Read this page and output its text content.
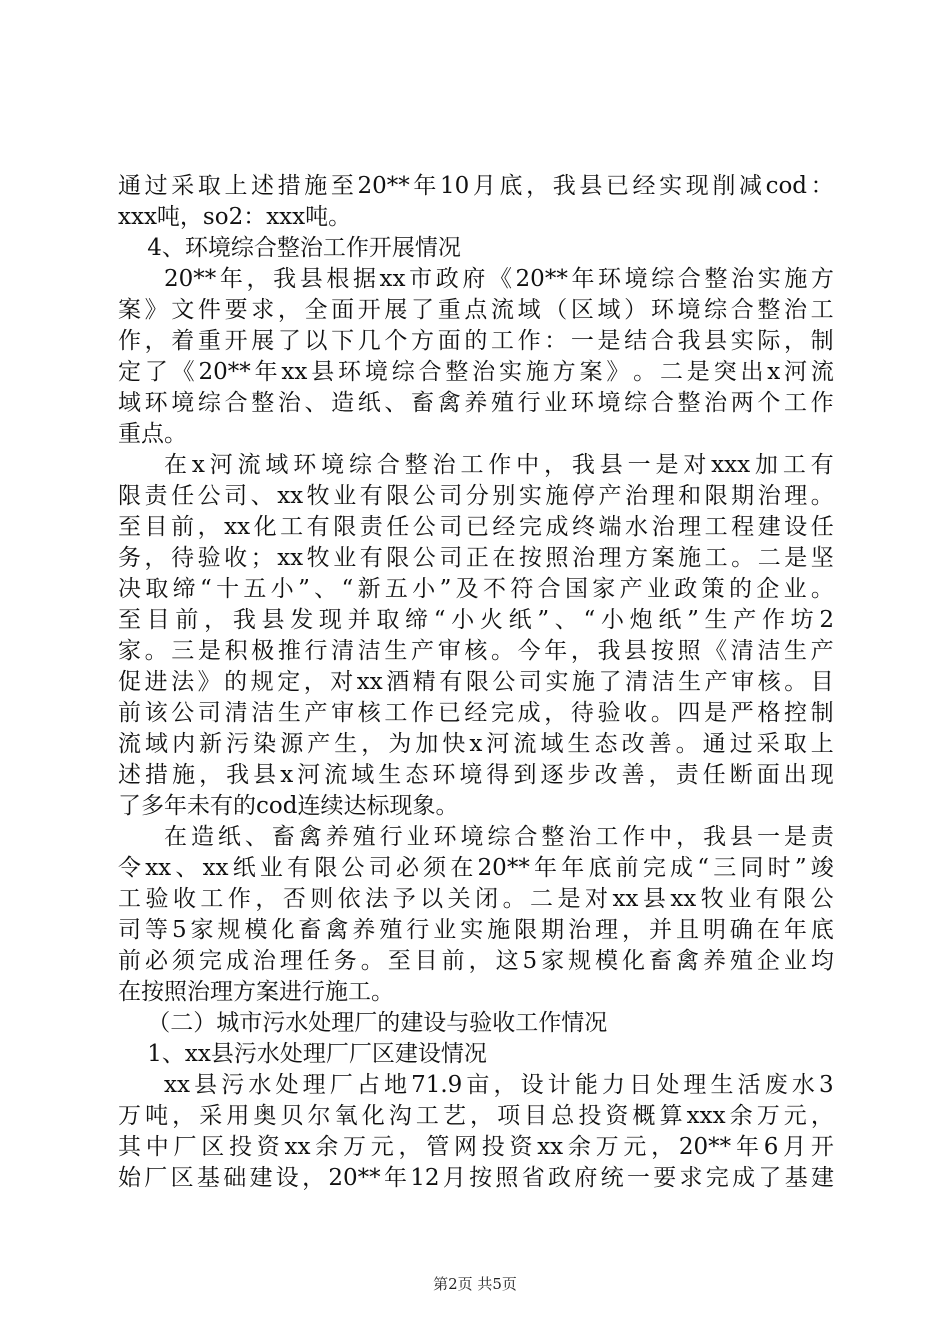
通 过 采 取 上 述 措 施 至 20** 年 10 月 底 ， 我 县 已 经 实 现 削 减 cod ：
xxx吨，so2：xxx吨。
4、环境综合整治工作开展情况
20** 年 ， 我 县 根 据 xx 市 政 府 《 20** 年 环 境 综 合 整 治 实 施 方
案 》 文 件 要 求 ， 全 面 开 展 了 重 点 流 域 （ 区 域 ） 环 境 综 合 整 治 工
作 ， 着 重 开 展 了 以 下 几 个 方 面 的 工 作 ： 一 是 结 合 我 县 实 际 ， 制
定 了 《 20** 年 xx 县 环 境 综 合 整 治 实 施 方 案 》 。 二 是 突 出 x 河 流
域 环 境 综 合 整 治 、 造 纸 、 畜 禽 养 殖 行 业 环 境 综 合 整 治 两 个 工 作
重点。
在 x 河 流 域 环 境 综 合 整 治 工 作 中 ， 我 县 一 是 对 xxx 加 工 有
限 责 任 公 司 、 xx 牧 业 有 限 公 司 分 别 实 施 停 产 治 理 和 限 期 治 理 。
至 目 前 ， xx 化 工 有 限 责 任 公 司 已 经 完 成 终 端 水 治 理 工 程 建 设 任
务 ， 待 验 收 ； xx 牧 业 有 限 公 司 正 在 按 照 治 理 方 案 施 工 。 二 是 坚
决 取 缔 “ 十 五 小 ” 、 “ 新 五 小 ” 及 不 符 合 国 家 产 业 政 策 的 企 业 。
至 目 前 ， 我 县 发 现 并 取 缔 “ 小 火 纸 ” 、 “ 小 炮 纸 ” 生 产 作 坊 2
家 。 三 是 积 极 推 行 清 洁 生 产 审 核 。 今 年 ， 我 县 按 照 《 清 洁 生 产
促 进 法 》 的 规 定 ， 对 xx 酒 精 有 限 公 司 实 施 了 清 洁 生 产 审 核 。 目
前 该 公 司 清 洁 生 产 审 核 工 作 已 经 完 成 ， 待 验 收 。 四 是 严 格 控 制
流 域 内 新 污 染 源 产 生 ， 为 加 快 x 河 流 域 生 态 改 善 。 通 过 采 取 上
述 措 施 ， 我 县 x 河 流 域 生 态 环 境 得 到 逐 步 改 善 ， 责 任 断 面 出 现
了多年未有的cod连续达标现象。
在 造 纸 、 畜 禽 养 殖 行 业 环 境 综 合 整 治 工 作 中 ， 我 县 一 是 责
令 xx 、 xx 纸 业 有 限 公 司 必 须 在 20** 年 年 底 前 完 成 “ 三 同 时 ” 竣
工 验 收 工 作 ， 否 则 依 法 予 以 关 闭 。 二 是 对 xx 县 xx 牧 业 有 限 公
司 等 5 家 规 模 化 畜 禽 养 殖 行 业 实 施 限 期 治 理 ， 并 且 明 确 在 年 底
前 必 须 完 成 治 理 任 务 。 至 目 前 ， 这 5 家 规 模 化 畜 禽 养 殖 企 业 均
在按照治理方案进行施工。
（二）城市污水处理厂的建设与验收工作情况
1、xx县污水处理厂厂区建设情况
xx 县 污 水 处 理 厂 占 地 71.9 亩 ， 设 计 能 力 日 处 理 生 活 废 水 3
万 吨 ， 采 用 奥 贝 尔 氧 化 沟 工 艺 ， 项 目 总 投 资 概 算 xxx 余 万 元 ，
其 中 厂 区 投 资 xx 余 万 元 ， 管 网 投 资 xx 余 万 元 ， 20** 年 6 月 开
始 厂 区 基 础 建 设 ， 20** 年 12 月 按 照 省 政 府 统 一 要 求 完 成 了 基 建
第2页 共5页
